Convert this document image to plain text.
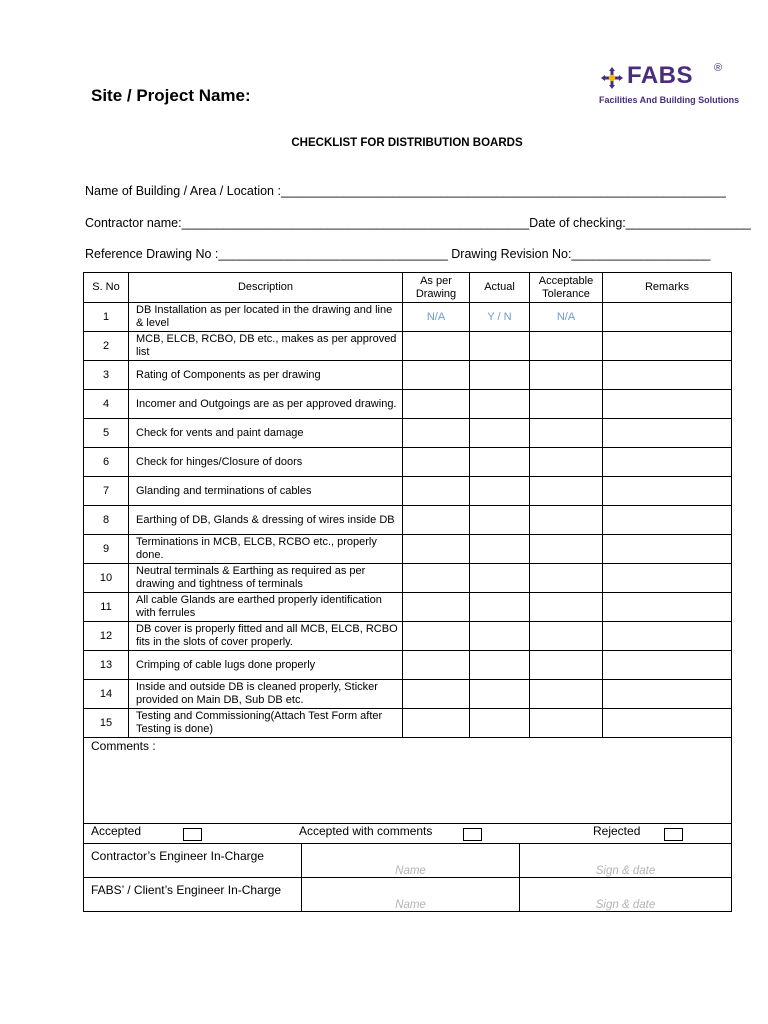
Site / Project Name:
FABS ®
Facilities And Building Solutions
CHECKLIST FOR DISTRIBUTION BOARDS
Name of Building / Area / Location :________________________________________________________________
Contractor name:__________________________________________________Date of checking:__________________
Reference Drawing No :_________________________________ Drawing Revision No:____________________
S. No	Description	As per Drawing	Actual	Acceptable Tolerance	Remarks
1	DB Installation as per located in the drawing and line & level	N/A	Y / N	N/A	
2	MCB, ELCB, RCBO, DB etc., makes as per approved list				
3	Rating of Components as per drawing				
4	Incomer and Outgoings are as per approved drawing.				
5	Check for vents and paint damage				
6	Check for hinges/Closure of doors				
7	Glanding and terminations of cables				
8	Earthing of DB, Glands & dressing of wires inside DB				
9	Terminations in MCB, ELCB, RCBO etc., properly done.				
10	Neutral terminals & Earthing as required as per drawing and tightness of terminals				
11	All cable Glands are earthed properly identification with ferrules				
12	DB cover is properly fitted and all MCB, ELCB, RCBO fits in the slots of cover properly.				
13	Crimping of cable lugs done properly				
14	Inside and outside DB is cleaned properly, Sticker provided on Main DB, Sub DB etc.				
15	Testing and Commissioning(Attach Test Form after Testing is done)				
Comments :		

Accepted Accepted with comments Rejected		

Contractor’s Engineer In-Charge	Name	Sign & date
FABS’ / Client’s Engineer In-Charge	Name	Sign & date
